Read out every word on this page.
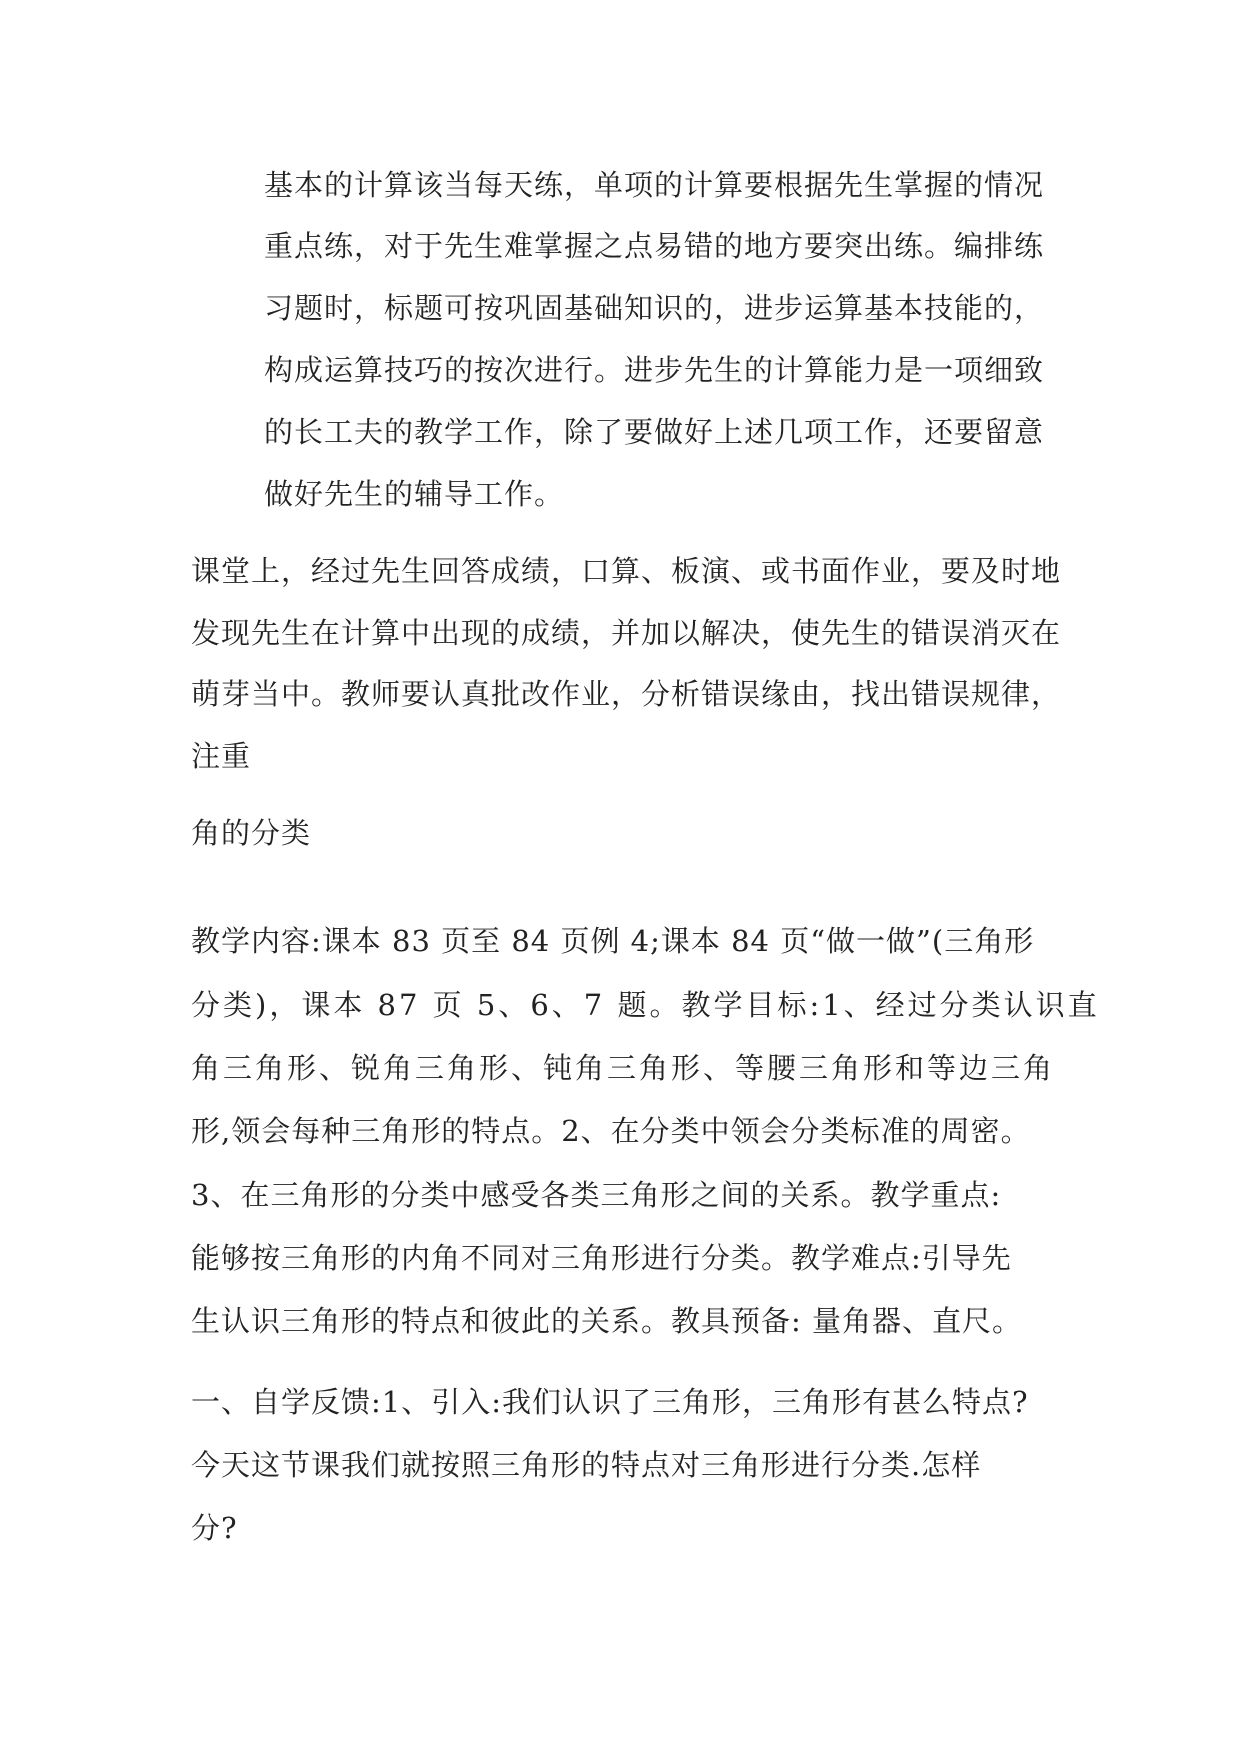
基本的计算该当每天练，单项的计算要根据先生掌握的情况
重点练，对于先生难掌握之点易错的地方要突出练。编排练
习题时，标题可按巩固基础知识的，进步运算基本技能的，
构成运算技巧的按次进行。进步先生的计算能力是一项细致
的长工夫的教学工作，除了要做好上述几项工作，还要留意
做好先生的辅导工作。
课堂上，经过先生回答成绩，口算、板演、或书面作业，要及时地
发现先生在计算中出现的成绩，并加以解决，使先生的错误消灭在
萌芽当中。教师要认真批改作业，分析错误缘由，找出错误规律，
注重
角的分类
教学内容:课本 83 页至 84 页例 4;课本 84 页“做一做”(三角形
分类)，课本 87 页 5、6、7 题。教学目标:1、经过分类认识直
角三角形、锐角三角形、钝角三角形、等腰三角形和等边三角
形,领会每种三角形的特点。2、在分类中领会分类标准的周密。
3、在三角形的分类中感受各类三角形之间的关系。教学重点:
能够按三角形的内角不同对三角形进行分类。教学难点:引导先
生认识三角形的特点和彼此的关系。教具预备: 量角器、直尺。
一、自学反馈:1、引入:我们认识了三角形，三角形有甚么特点?
今天这节课我们就按照三角形的特点对三角形进行分类.怎样
分?
